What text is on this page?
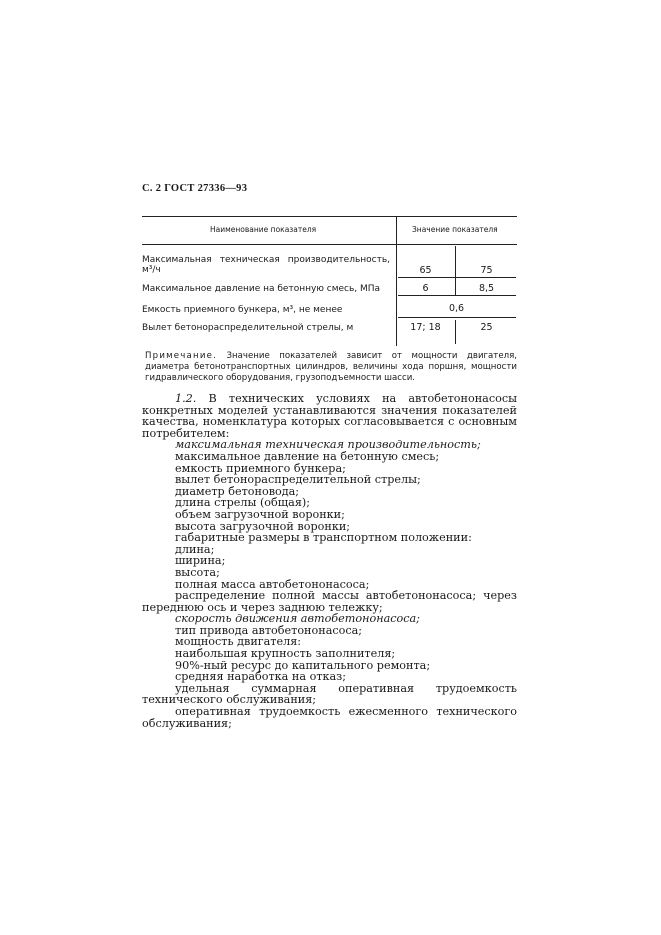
С. 2 ГОСТ 27336—93
Наименование показателя	Значение показателя
Максимальная техническая производительность, м³/ч	65	75
Максимальное давление на бетонную смесь, МПа	6	8,5
Емкость приемного бункера, м³, не менее	0,6
Вылет бетонораспределительной стрелы, м	17; 18	25
Примечание. Значение показателей зависит от мощности двигателя, диаметра бетонотранспортных цилиндров, величины хода поршня, мощности гидравлического оборудования, грузоподъемности шасси.

1.2. В технических условиях на автобетононасосы конкретных моделей устанавливаются значения показателей качества, номенклатура которых согласовывается с основным потребителем:

максимальная техническая производительность;

максимальное давление на бетонную смесь;

емкость приемного бункера;

вылет бетонораспределительной стрелы;

диаметр бетоновода;

длина стрелы (общая);

объем загрузочной воронки;

высота загрузочной воронки;

габаритные размеры в транспортном положении:

длина;

ширина;

высота;

полная масса автобетононасоса;

распределение полной массы автобетононасоса; через переднюю ось и через заднюю тележку;

скорость движения автобетононасоса;

тип привода автобетононасоса;

мощность двигателя:

наибольшая крупность заполнителя;

90%-ный ресурс до капитального ремонта;

средняя наработка на отказ;

удельная суммарная оперативная трудоемкость технического обслуживания;

оперативная трудоемкость ежесменного технического обслуживания;
